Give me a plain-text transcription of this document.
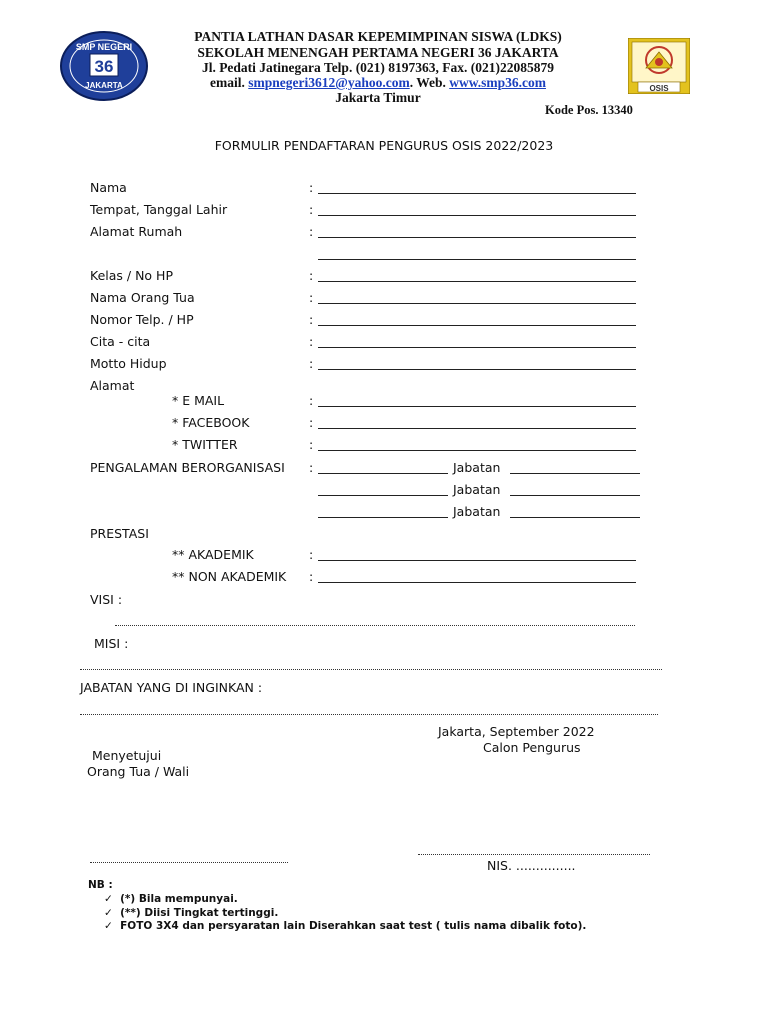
SMP NEGERI
36
JAKARTA	OSIS
PANTIA LATHAN DASAR KEPEMIMPINAN SISWA (LDKS)
SEKOLAH MENENGAH PERTAMA NEGERI 36 JAKARTA
Jl. Pedati Jatinegara Telp. (021) 8197363, Fax. (021)22085879
email. smpnegeri3612@yahoo.com. Web. www.smp36.com
Jakarta Timur
Kode Pos. 13340
FORMULIR PENDAFTARAN PENGURUS OSIS 2022/2023
Nama
Tempat, Tanggal Lahir
Alamat Rumah
Kelas / No HP
Nama Orang Tua
Nomor Telp. / HP
Cita - cita
Motto Hidup
Alamat
* E MAIL
* FACEBOOK
* TWITTER
PENGALAMAN BERORGANISASI
PRESTASI
** AKADEMIK
** NON AKADEMIK
VISI :
MISI :
JABATAN YANG DI INGINKAN :
:
:
:
:
:
:
:
:
:
:
:
:
:
:
Jabatan
Jabatan
Jabatan
Jakarta, September 2022
Calon Pengurus
Menyetujui
Orang Tua / Wali
NIS. ...............
NB :
✓ (*) Bila mempunyai.
✓ (**) Diisi Tingkat tertinggi.
✓ FOTO 3X4 dan persyaratan lain Diserahkan saat test ( tulis nama dibalik foto).
